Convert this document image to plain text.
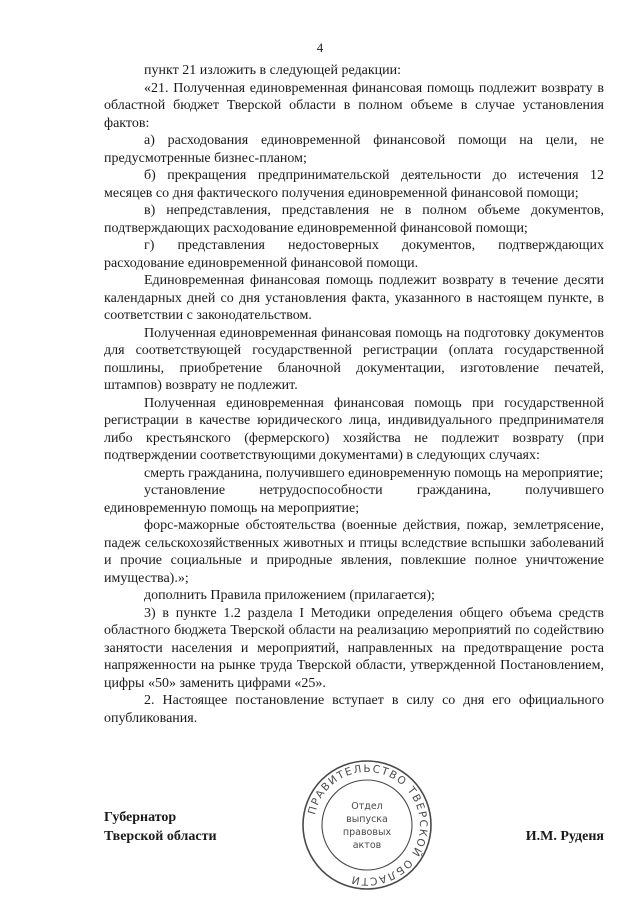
4

пункт 21 изложить в следующей редакции:

«21. Полученная единовременная финансовая помощь подлежит возврату в областной бюджет Тверской области в полном объеме в случае установления фактов:

а) расходования единовременной финансовой помощи на цели, не предусмотренные бизнес-планом;

б) прекращения предпринимательской деятельности до истечения 12 месяцев со дня фактического получения единовременной финансовой помощи;

в) непредставления, представления не в полном объеме документов, подтверждающих расходование единовременной финансовой помощи;

г) представления недостоверных документов, подтверждающих расходование единовременной финансовой помощи.

Единовременная финансовая помощь подлежит возврату в течение десяти календарных дней со дня установления факта, указанного в настоящем пункте, в соответствии с законодательством.

Полученная единовременная финансовая помощь на подготовку документов для соответствующей государственной регистрации (оплата государственной пошлины, приобретение бланочной документации, изготовление печатей, штампов) возврату не подлежит.

Полученная единовременная финансовая помощь при государственной регистрации в качестве юридического лица, индивидуального предпринимателя либо крестьянского (фермерского) хозяйства не подлежит возврату (при подтверждении соответствующими документами) в следующих случаях:

смерть гражданина, получившего единовременную помощь на мероприятие;

установление нетрудоспособности гражданина, получившего единовременную помощь на мероприятие;

форс-мажорные обстоятельства (военные действия, пожар, землетрясение, падеж сельскохозяйственных животных и птицы вследствие вспышки заболеваний и прочие социальные и природные явления, повлекшие полное уничтожение имущества).»;

дополнить Правила приложением (прилагается);

3) в пункте 1.2 раздела I Методики определения общего объема средств областного бюджета Тверской области на реализацию мероприятий по содействию занятости населения и мероприятий, направленных на предотвращение роста напряженности на рынке труда Тверской области, утвержденной Постановлением, цифры «50» заменить цифрами «25».

2. Настоящее постановление вступает в силу со дня его официального опубликования.

Губернатор
Тверской области	И.М. Руденя
ПРАВИТЕЛЬСТВО ТВЕРСКОЙ ОБЛАСТИ
Отдел
выпуска
правовых
актов
